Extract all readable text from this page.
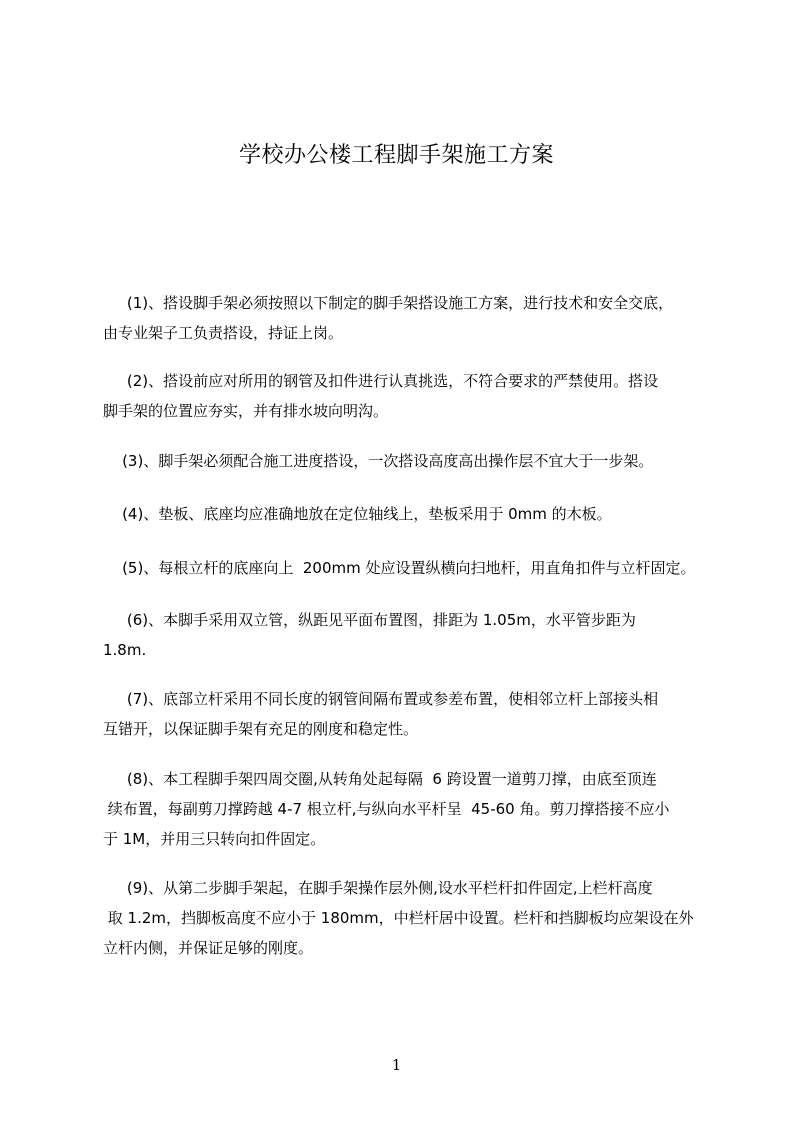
学校办公楼工程脚手架施工方案
(1)、搭设脚手架必须按照以下制定的脚手架搭设施工方案，进行技术和安全交底，
由专业架子工负责搭设，持证上岗。
(2)、搭设前应对所用的钢管及扣件进行认真挑选，不符合要求的严禁使用。搭设
脚手架的位置应夯实，并有排水坡向明沟。
(3)、脚手架必须配合施工进度搭设，一次搭设高度高出操作层不宜大于一步架。
(4)、垫板、底座均应准确地放在定位轴线上，垫板采用于 0mm 的木板。
(5)、每根立杆的底座向上  200mm 处应设置纵横向扫地杆，用直角扣件与立杆固定。
(6)、本脚手采用双立管，纵距见平面布置图，排距为 1.05m，水平管步距为
1.8m.
(7)、底部立杆采用不同长度的钢管间隔布置或参差布置，使相邻立杆上部接头相
互错开，以保证脚手架有充足的刚度和稳定性。
(8)、本工程脚手架四周交圈,从转角处起每隔  6 跨设置一道剪刀撑，由底至顶连
续布置，每副剪刀撑跨越 4-7 根立杆,与纵向水平杆呈  45-60 角。剪刀撑搭接不应小
于 1M，并用三只转向扣件固定。
(9)、从第二步脚手架起，在脚手架操作层外侧,设水平栏杆扣件固定,上栏杆高度
取 1.2m，挡脚板高度不应小于 180mm，中栏杆居中设置。栏杆和挡脚板均应架设在外
立杆内侧，并保证足够的刚度。
1
